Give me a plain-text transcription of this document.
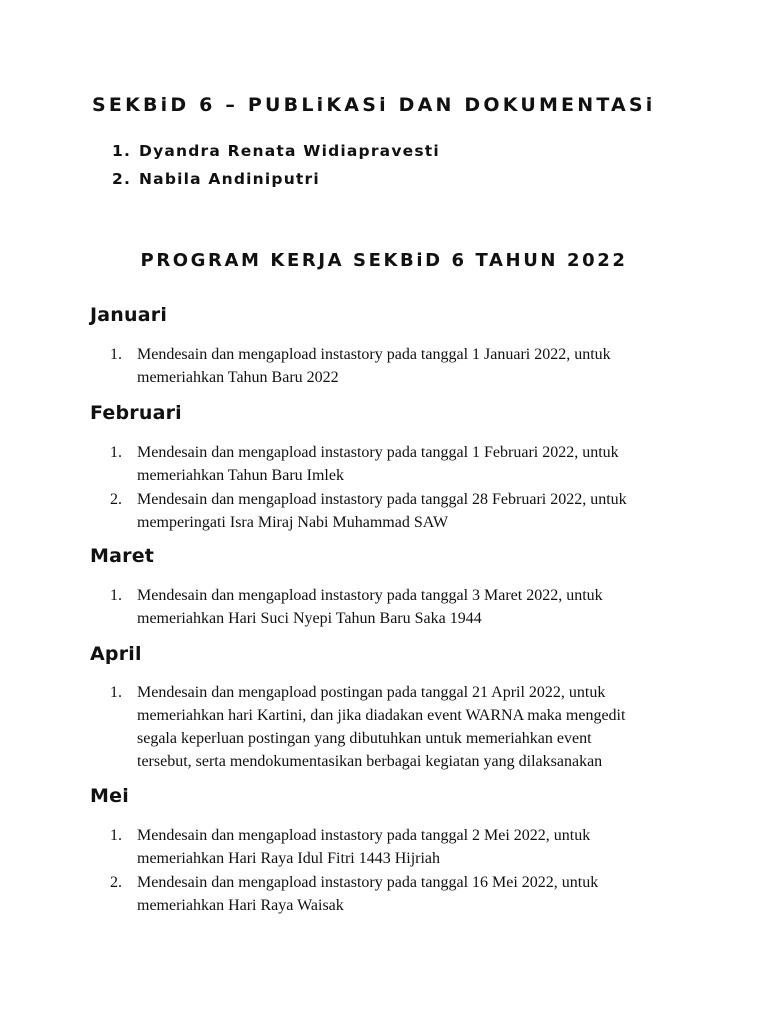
SEKBiD 6 – PUBLiKASi DAN DOKUMENTASi
1. Dyandra Renata Widiapravesti
2. Nabila Andiniputri
PROGRAM KERJA SEKBiD 6 TAHUN 2022
Januari
1. Mendesain dan mengapload instastory pada tanggal 1 Januari 2022, untuk
memeriahkan Tahun Baru 2022
Februari
1. Mendesain dan mengapload instastory pada tanggal 1 Februari 2022, untuk
memeriahkan Tahun Baru Imlek
2. Mendesain dan mengapload instastory pada tanggal 28 Februari 2022, untuk
memperingati Isra Miraj Nabi Muhammad SAW
Maret
1. Mendesain dan mengapload instastory pada tanggal 3 Maret 2022, untuk
memeriahkan Hari Suci Nyepi Tahun Baru Saka 1944
April
1. Mendesain dan mengapload postingan pada tanggal 21 April 2022, untuk
memeriahkan hari Kartini, dan jika diadakan event WARNA maka mengedit
segala keperluan postingan yang dibutuhkan untuk memeriahkan event
tersebut, serta mendokumentasikan berbagai kegiatan yang dilaksanakan
Mei
1. Mendesain dan mengapload instastory pada tanggal 2 Mei 2022, untuk
memeriahkan Hari Raya Idul Fitri 1443 Hijriah
2. Mendesain dan mengapload instastory pada tanggal 16 Mei 2022, untuk
memeriahkan Hari Raya Waisak
